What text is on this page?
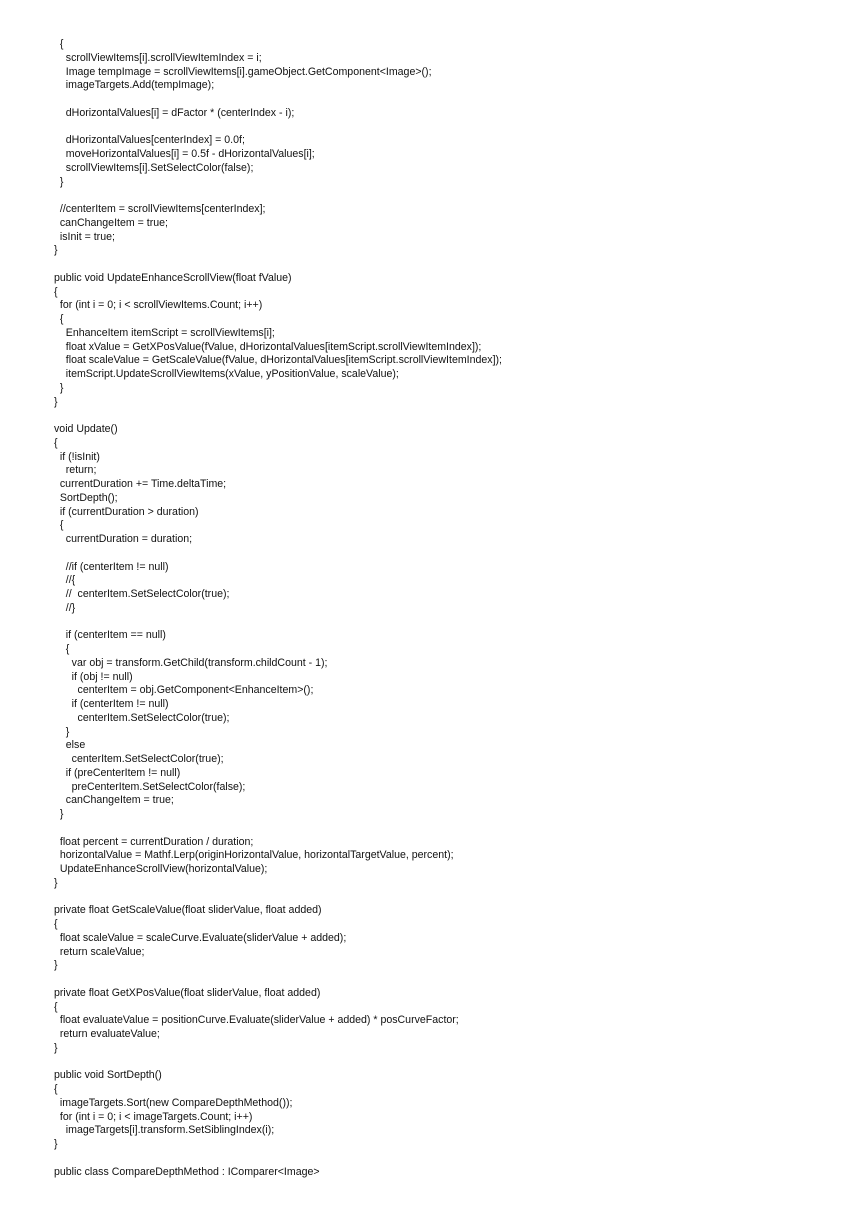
{
scrollViewItems[i].scrollViewItemIndex = i;
Image tempImage = scrollViewItems[i].gameObject.GetComponent<Image>();
imageTargets.Add(tempImage);
dHorizontalValues[i] = dFactor * (centerIndex - i);
dHorizontalValues[centerIndex] = 0.0f;
moveHorizontalValues[i] = 0.5f - dHorizontalValues[i];
scrollViewItems[i].SetSelectColor(false);
}
//centerItem = scrollViewItems[centerIndex];
canChangeItem = true;
isInit = true;
}
public void UpdateEnhanceScrollView(float fValue)
{
for (int i = 0; i < scrollViewItems.Count; i++)
{
EnhanceItem itemScript = scrollViewItems[i];
float xValue = GetXPosValue(fValue, dHorizontalValues[itemScript.scrollViewItemIndex]);
float scaleValue = GetScaleValue(fValue, dHorizontalValues[itemScript.scrollViewItemIndex]);
itemScript.UpdateScrollViewItems(xValue, yPositionValue, scaleValue);
}
}
void Update()
{
if (!isInit)
return;
currentDuration += Time.deltaTime;
SortDepth();
if (currentDuration > duration)
{
currentDuration = duration;
//if (centerItem != null)
//{
//  centerItem.SetSelectColor(true);
//}
if (centerItem == null)
{
var obj = transform.GetChild(transform.childCount - 1);
if (obj != null)
centerItem = obj.GetComponent<EnhanceItem>();
if (centerItem != null)
centerItem.SetSelectColor(true);
}
else
centerItem.SetSelectColor(true);
if (preCenterItem != null)
preCenterItem.SetSelectColor(false);
canChangeItem = true;
}
float percent = currentDuration / duration;
horizontalValue = Mathf.Lerp(originHorizontalValue, horizontalTargetValue, percent);
UpdateEnhanceScrollView(horizontalValue);
}
private float GetScaleValue(float sliderValue, float added)
{
float scaleValue = scaleCurve.Evaluate(sliderValue + added);
return scaleValue;
}
private float GetXPosValue(float sliderValue, float added)
{
float evaluateValue = positionCurve.Evaluate(sliderValue + added) * posCurveFactor;
return evaluateValue;
}
public void SortDepth()
{
imageTargets.Sort(new CompareDepthMethod());
for (int i = 0; i < imageTargets.Count; i++)
imageTargets[i].transform.SetSiblingIndex(i);
}
public class CompareDepthMethod : IComparer<Image>
